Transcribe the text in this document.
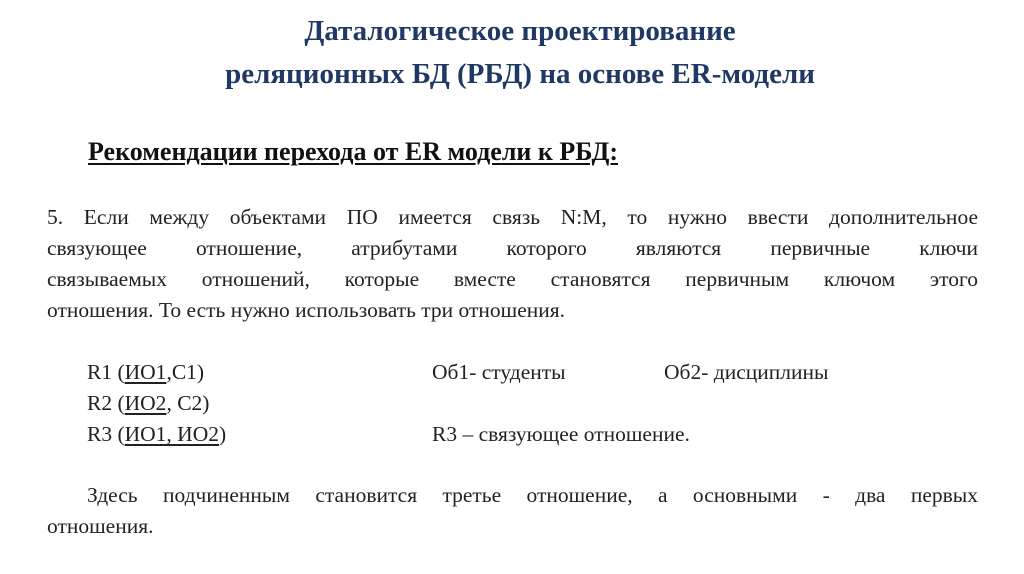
Даталогическое проектирование
реляционных БД (РБД) на основе ER-модели
Рекомендации перехода от ER модели к РБД:
5. Если между объектами ПО имеется связь N:M, то нужно ввести дополнительное
связующее отношение, атрибутами которого являются первичные ключи
связываемых отношений, которые вместе становятся первичным ключом этого
отношения. То есть нужно использовать три отношения.
R1 (ИО1,С1)	Об1- студенты	Об2- дисциплины
R2 (ИО2, С2)
R3 (ИО1, ИО2)	R3 – связующее отношение.
Здесь подчиненным становится третье отношение, а основными - два первых
отношения.
